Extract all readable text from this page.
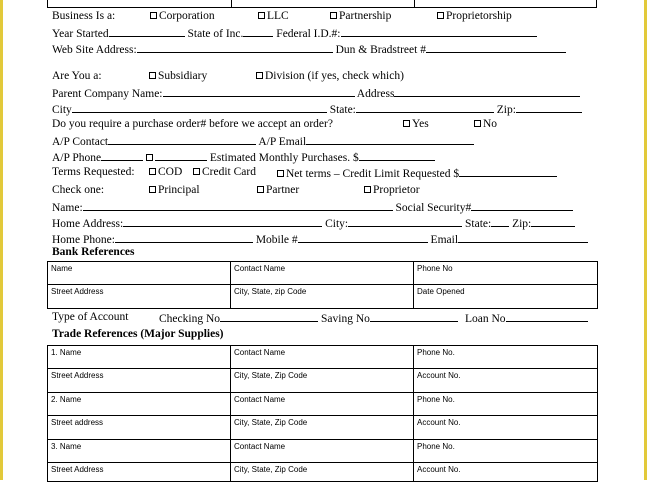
Business Is a:	Corporation	LLC	Partnership	Proprietorship
Year Started	State of Inc.	Federal I.D.#:
Web Site Address:	Dun & Bradstreet #
Are You a:	Subsidiary	Division (if yes, check which)
Parent Company Name:	Address
City	State:	Zip:
Do you require a purchase order# before we accept an order?	Yes	No
A/P Contact	A/P Email
A/P Phone	Estimated Monthly Purchases. $
Terms Requested:	COD	Credit Card	Net terms – Credit Limit Requested $
Check one:	Principal	Partner	Proprietor
Name:	Social Security#
Home Address:	City:	State: Zip:
Home Phone:	Mobile #	Email
Bank References
Name	Contact Name	Phone No
Street Address	City, State, zip Code	Date Opened
Type of Account	Checking No	Saving No	Loan No
Trade References (Major Supplies)
1. Name	Contact Name	Phone No.
Street Address	City, State, Zip Code	Account No.
2. Name	Contact Name	Phone No.
Street address	City, State, Zip Code	Account No.
3. Name	Contact Name	Phone No.
Street Address	City, State, Zip Code	Account No.
